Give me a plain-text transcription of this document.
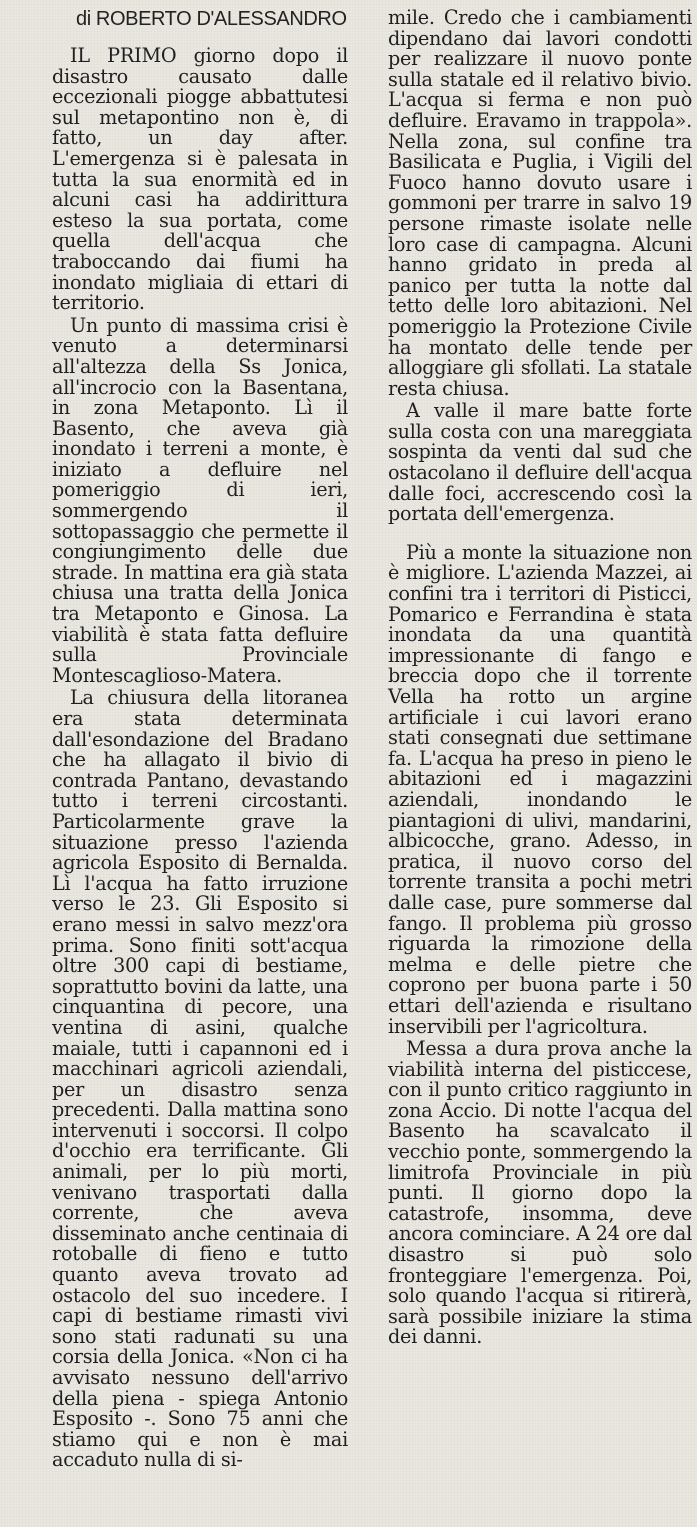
di ROBERTO D'ALESSANDRO

IL PRIMO giorno dopo il disastro causato dalle eccezionali piogge abbattutesi sul metapontino non è, di fatto, un day after. L'emergenza si è palesata in tutta la sua enormità ed in alcuni casi ha addirittura esteso la sua portata, come quella dell'acqua che traboccando dai fiumi ha inondato migliaia di ettari di territorio.

Un punto di massima crisi è venuto a determinarsi all'altezza della Ss Jonica, all'incrocio con la Basentana, in zona Metaponto. Lì il Basento, che aveva già inondato i terreni a monte, è iniziato a defluire nel pomeriggio di ieri, sommergendo il sottopassaggio che permette il congiungimento delle due strade. In mattina era già stata chiusa una tratta della Jonica tra Metaponto e Ginosa. La viabilità è stata fatta defluire sulla Provinciale Montescaglioso-Matera.

La chiusura della litoranea era stata determinata dall'esondazione del Bradano che ha allagato il bivio di contrada Pantano, devastando tutto i terreni circostanti. Particolarmente grave la situazione presso l'azienda agricola Esposito di Bernalda. Lì l'acqua ha fatto irruzione verso le 23. Gli Esposito si erano messi in salvo mezz'ora prima. Sono finiti sott'acqua oltre 300 capi di bestiame, soprattutto bovini da latte, una cinquantina di pecore, una ventina di asini, qualche maiale, tutti i capannoni ed i macchinari agricoli aziendali, per un disastro senza precedenti. Dalla mattina sono intervenuti i soccorsi. Il colpo d'occhio era terrificante. Gli animali, per lo più morti, venivano trasportati dalla corrente, che aveva disseminato anche centinaia di rotoballe di fieno e tutto quanto aveva trovato ad ostacolo del suo incedere. I capi di bestiame rimasti vivi sono stati radunati su una corsia della Jonica. «Non ci ha avvisato nessuno dell'arrivo della piena - spiega Antonio Esposito -. Sono 75 anni che stiamo qui e non è mai accaduto nulla di si-

mile. Credo che i cambiamenti dipendano dai lavori condotti per realizzare il nuovo ponte sulla statale ed il relativo bivio. L'acqua si ferma e non può defluire. Eravamo in trappola». Nella zona, sul confine tra Basilicata e Puglia, i Vigili del Fuoco hanno dovuto usare i gommoni per trarre in salvo 19 persone rimaste isolate nelle loro case di campagna. Alcuni hanno gridato in preda al panico per tutta la notte dal tetto delle loro abitazioni. Nel pomeriggio la Protezione Civile ha montato delle tende per alloggiare gli sfollati. La statale resta chiusa.

A valle il mare batte forte sulla costa con una mareggiata sospinta da venti dal sud che ostacolano il defluire dell'acqua dalle foci, accrescendo così la portata dell'emergenza.

Più a monte la situazione non è migliore. L'azienda Mazzei, ai confini tra i territori di Pisticci, Pomarico e Ferrandina è stata inondata da una quantità impressionante di fango e breccia dopo che il torrente Vella ha rotto un argine artificiale i cui lavori erano stati consegnati due settimane fa. L'acqua ha preso in pieno le abitazioni ed i magazzini aziendali, inondando le piantagioni di ulivi, mandarini, albicocche, grano. Adesso, in pratica, il nuovo corso del torrente transita a pochi metri dalle case, pure sommerse dal fango. Il problema più grosso riguarda la rimozione della melma e delle pietre che coprono per buona parte i 50 ettari dell'azienda e risultano inservibili per l'agricoltura.

Messa a dura prova anche la viabilità interna del pisticcese, con il punto critico raggiunto in zona Accio. Di notte l'acqua del Basento ha scavalcato il vecchio ponte, sommergendo la limitrofa Provinciale in più punti. Il giorno dopo la catastrofe, insomma, deve ancora cominciare. A 24 ore dal disastro si può solo fronteggiare l'emergenza. Poi, solo quando l'acqua si ritirerà, sarà possibile iniziare la stima dei danni.
